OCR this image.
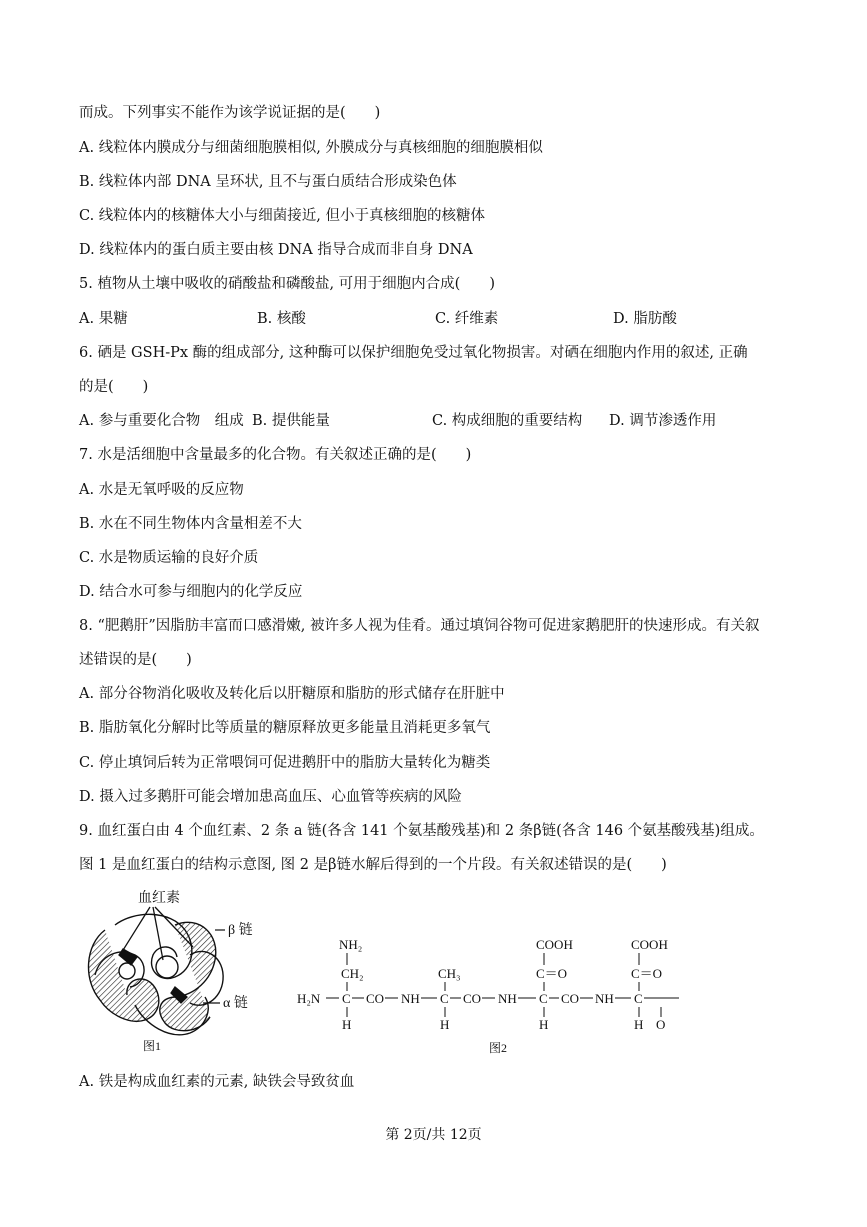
而成。下列事实不能作为该学说证据的是(　　)
A. 线粒体内膜成分与细菌细胞膜相似, 外膜成分与真核细胞的细胞膜相似
B. 线粒体内部 DNA 呈环状, 且不与蛋白质结合形成染色体
C. 线粒体内的核糖体大小与细菌接近, 但小于真核细胞的核糖体
D. 线粒体内的蛋白质主要由核 DNA 指导合成而非自身 DNA
5. 植物从土壤中吸收的硝酸盐和磷酸盐, 可用于细胞内合成(　　)
A. 果糖	B. 核酸	C. 纤维素	D. 脂肪酸
6. 硒是 GSH-Px 酶的组成部分, 这种酶可以保护细胞免受过氧化物损害。对硒在细胞内作用的叙述, 正确
的是(　　)
A. 参与重要化合物　组成 B. 提供能量	C. 构成细胞的重要结构 D. 调节渗透作用
7. 水是活细胞中含量最多的化合物。有关叙述正确的是(　　)
A. 水是无氧呼吸的反应物
B. 水在不同生物体内含量相差不大
C. 水是物质运输的良好介质
D. 结合水可参与细胞内的化学反应
8. “肥鹅肝”因脂肪丰富而口感滑嫩, 被许多人视为佳肴。通过填饲谷物可促进家鹅肥肝的快速形成。有关叙
述错误的是(　　)
A. 部分谷物消化吸收及转化后以肝糖原和脂肪的形式储存在肝脏中
B. 脂肪氧化分解时比等质量的糖原释放更多能量且消耗更多氧气
C. 停止填饲后转为正常喂饲可促进鹅肝中的脂肪大量转化为糖类
D. 摄入过多鹅肝可能会增加患高血压、心血管等疾病的风险
9. 血红蛋白由 4 个血红素、2 条 a 链(各含 141 个氨基酸残基)和 2 条β链(各含 146 个氨基酸残基)组成。
图 1 是血红蛋白的结构示意图, 图 2 是β链水解后得到的一个片段。有关叙述错误的是(　　)
血红素
β 链
α 链
图1
NH₂
CH₂	CH₃
COOH
C＝O
COOH
C＝O
H₂N C CO NH C CO NH C CO NH C
H	H	H	H O
图2
A. 铁是构成血红素的元素, 缺铁会导致贫血
第 2页/共 12页
